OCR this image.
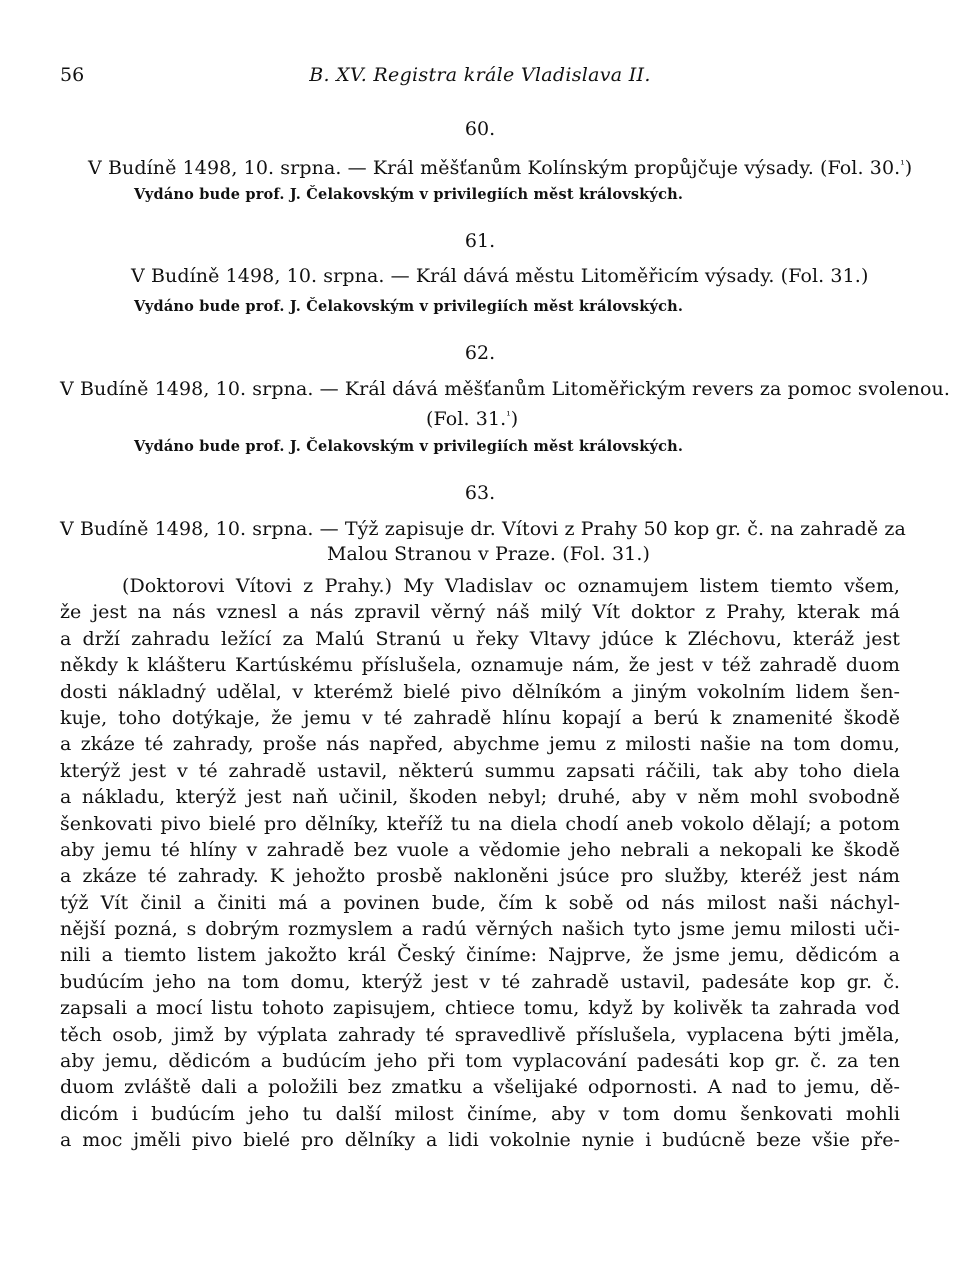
56	B. XV. Registra krále Vladislava II.
60.
V Budíně 1498, 10. srpna. — Král měšťanům Kolínským propůjčuje výsady. (Fol. 30.$^{^1}$)
Vydáno bude prof. J. Čelakovským v privilegiích měst královských.
61.
V Budíně 1498, 10. srpna. — Král dává městu Litoměřicím výsady. (Fol. 31.)
Vydáno bude prof. J. Čelakovským v privilegiích měst královských.
62.
V Budíně 1498, 10. srpna. — Král dává měšťanům Litoměřickým revers za pomoc svolenou.
(Fol. 31.$^{^1}$)
Vydáno bude prof. J. Čelakovským v privilegiích měst královských.
63.
V Budíně 1498, 10. srpna. — Týž zapisuje dr. Vítovi z Prahy 50 kop gr. č. na zahradě za
Malou Stranou v Praze. (Fol. 31.)
(Doktorovi Vítovi z Prahy.) My Vladislav oc oznamujem listem tiemto všem,
že jest na nás vznesl a nás zpravil věrný náš milý Vít doktor z Prahy, kterak má
a drží zahradu ležící za Malú Stranú u řeky Vltavy jdúce k Zléchovu, kteráž jest
někdy k klášteru Kartúskému příslušela, oznamuje nám, že jest v též zahradě duom
dosti nákladný udělal, v kterémž bielé pivo dělníkóm a jiným vokolním lidem šen-
kuje, toho dotýkaje, že jemu v té zahradě hlínu kopají a berú k znamenité škodě
a zkáze té zahrady, proše nás napřed, abychme jemu z milosti našie na tom domu,
kterýž jest v té zahradě ustavil, některú summu zapsati ráčili, tak aby toho diela
a nákladu, kterýž jest naň učinil, škoden nebyl; druhé, aby v něm mohl svobodně
šenkovati pivo bielé pro dělníky, kteříž tu na diela chodí aneb vokolo dělají; a potom
aby jemu té hlíny v zahradě bez vuole a vědomie jeho nebrali a nekopali ke škodě
a zkáze té zahrady. K jehožto prosbě nakloněni jsúce pro služby, kteréž jest nám
týž Vít činil a činiti má a povinen bude, čím k sobě od nás milost naši náchyl-
nější pozná, s dobrým rozmyslem a radú věrných našich tyto jsme jemu milosti uči-
nili a tiemto listem jakožto král Český činíme: Najprve, že jsme jemu, dědicóm a
budúcím jeho na tom domu, kterýž jest v té zahradě ustavil, padesáte kop gr. č.
zapsali a mocí listu tohoto zapisujem, chtiece tomu, když by kolivěk ta zahrada vod
těch osob, jimž by výplata zahrady té spravedlivě příslušela, vyplacena býti jměla,
aby jemu, dědicóm a budúcím jeho při tom vyplacování padesáti kop gr. č. za ten
duom zvláště dali a položili bez zmatku a všelijaké odpornosti. A nad to jemu, dě-
dicóm i budúcím jeho tu další milost činíme, aby v tom domu šenkovati mohli
a moc jměli pivo bielé pro dělníky a lidi vokolnie nynie i budúcně beze všie pře-
